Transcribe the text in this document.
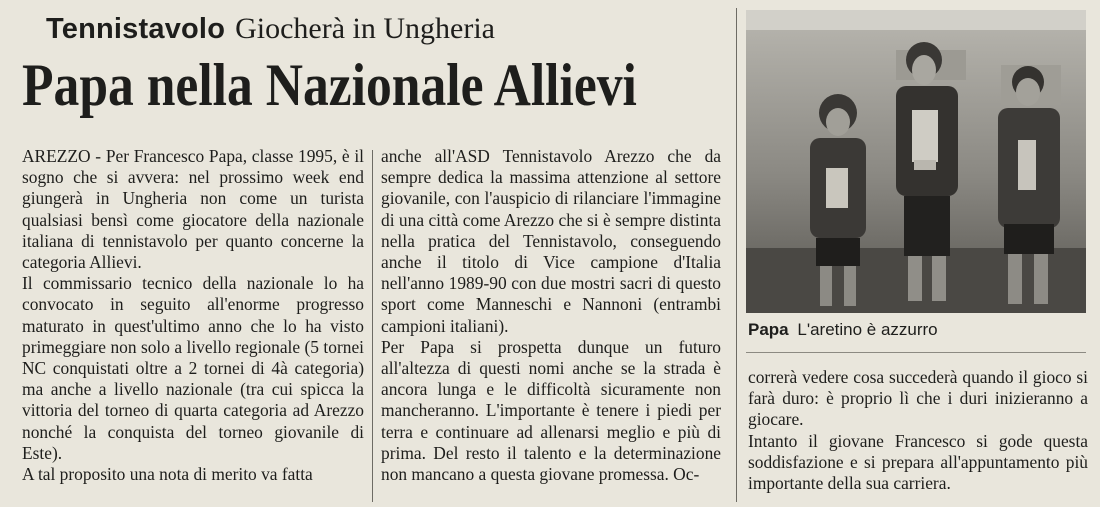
Tennistavolo Giocherà in Ungheria
Papa nella Nazionale Allievi

AREZZO - Per Francesco Papa, classe 1995, è il sogno che si avvera: nel prossimo week end giungerà in Ungheria non come un turista qualsiasi bensì come giocatore della nazionale italiana di tennistavolo per quanto concerne la categoria Allievi.

Il commissario tecnico della nazionale lo ha convocato in seguito all'enorme progresso maturato in quest'ultimo anno che lo ha visto primeggiare non solo a livello regionale (5 tornei NC conquistati oltre a 2 tornei di 4à categoria) ma anche a livello nazionale (tra cui spicca la vittoria del torneo di quarta categoria ad Arezzo nonché la conquista del torneo giovanile di Este).

A tal proposito una nota di merito va fatta

anche all'ASD Tennistavolo Arezzo che da sempre dedica la massima attenzione al settore giovanile, con l'auspicio di rilanciare l'immagine di una città come Arezzo che si è sempre distinta nella pratica del Tennistavolo, conseguendo anche il titolo di Vice campione d'Italia nell'anno 1989-90 con due mostri sacri di questo sport come Manneschi e Nannoni (entrambi campioni italiani).

Per Papa si prospetta dunque un futuro all'altezza di questi nomi anche se la strada è ancora lunga e le difficoltà sicuramente non mancheranno. L'importante è tenere i piedi per terra e continuare ad allenarsi meglio e più di prima. Del resto il talento e la determinazione non mancano a questa giovane promessa. Oc-

Papa L'aretino è azzurro

correrà vedere cosa succederà quando il gioco si farà duro: è proprio lì che i duri inizieranno a giocare.

Intanto il giovane Francesco si gode questa soddisfazione e si prepara all'appuntamento più importante della sua carriera.
